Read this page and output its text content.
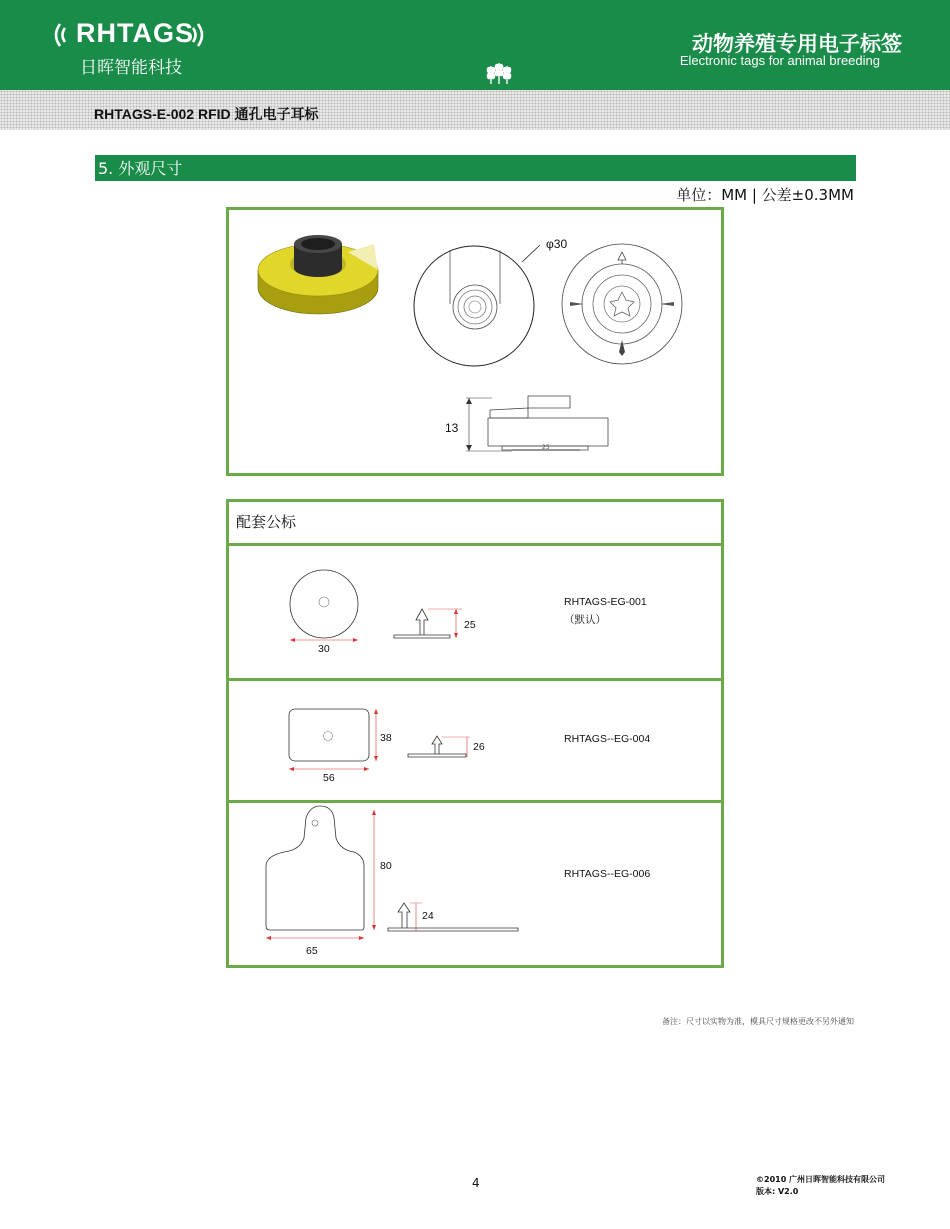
RHTAGS
日晖智能科技
动物养殖专用电子标签
Electronic tags for animal breeding
RHTAGS-E-002 RFID 通孔电子耳标
5. 外观尺寸
单位：MM | 公差±0.3MM
φ30
13
25
配套公标
30
25
RHTAGS-EG-001
（默认）
56
38
26
RHTAGS--EG-004
65
80
24
RHTAGS--EG-006
备注：尺寸以实物为准，模具尺寸规格更改不另外通知
4	©2010 广州日晖智能科技有限公司
版本: V2.0
